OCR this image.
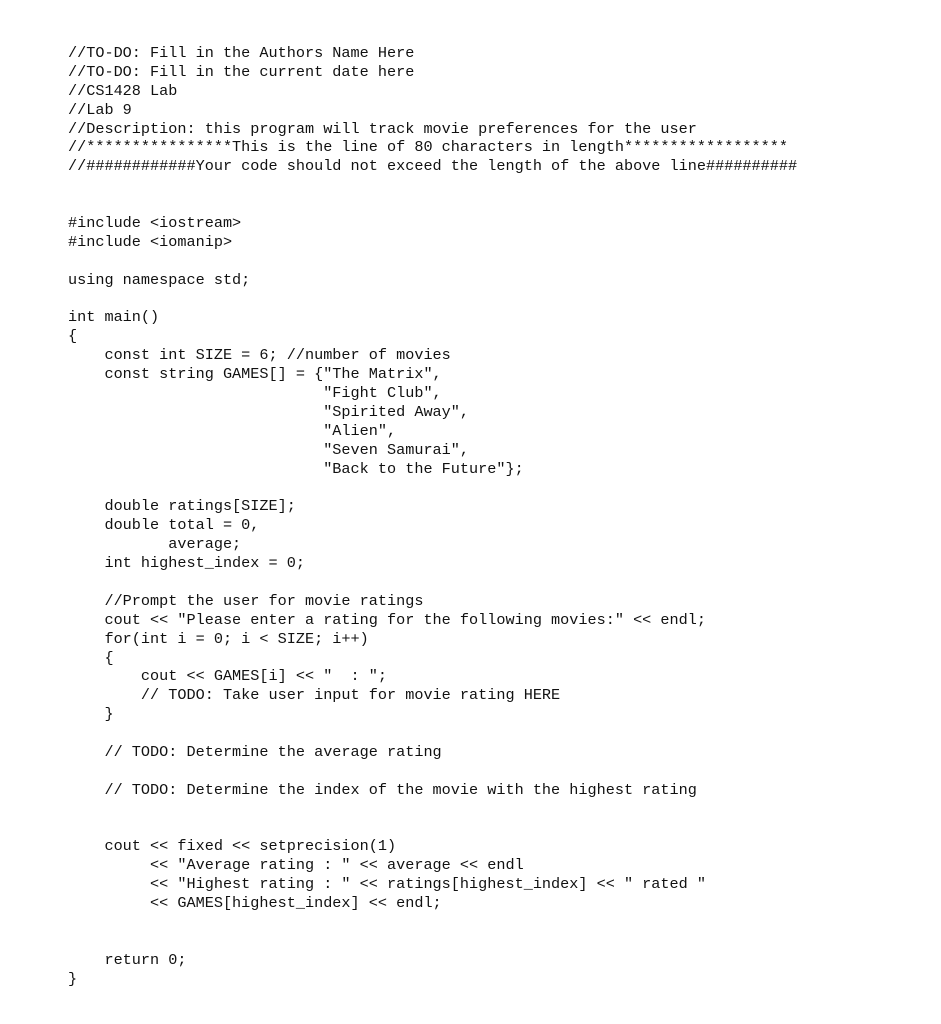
//TO-DO: Fill in the Authors Name Here
//TO-DO: Fill in the current date here
//CS1428 Lab
//Lab 9
//Description: this program will track movie preferences for the user
//****************This is the line of 80 characters in length******************
//############Your code should not exceed the length of the above line##########
#include <iostream>
#include <iomanip>
using namespace std;
int main()
{
const int SIZE = 6; //number of movies
const string GAMES[] = {"The Matrix",
"Fight Club",
"Spirited Away",
"Alien",
"Seven Samurai",
"Back to the Future"};
double ratings[SIZE];
double total = 0,
average;
int highest_index = 0;
//Prompt the user for movie ratings
cout << "Please enter a rating for the following movies:" << endl;
for(int i = 0; i < SIZE; i++)
{
cout << GAMES[i] << "  : ";
// TODO: Take user input for movie rating HERE
}
// TODO: Determine the average rating
// TODO: Determine the index of the movie with the highest rating
cout << fixed << setprecision(1)
<< "Average rating : " << average << endl
<< "Highest rating : " << ratings[highest_index] << " rated "
<< GAMES[highest_index] << endl;
return 0;
}
